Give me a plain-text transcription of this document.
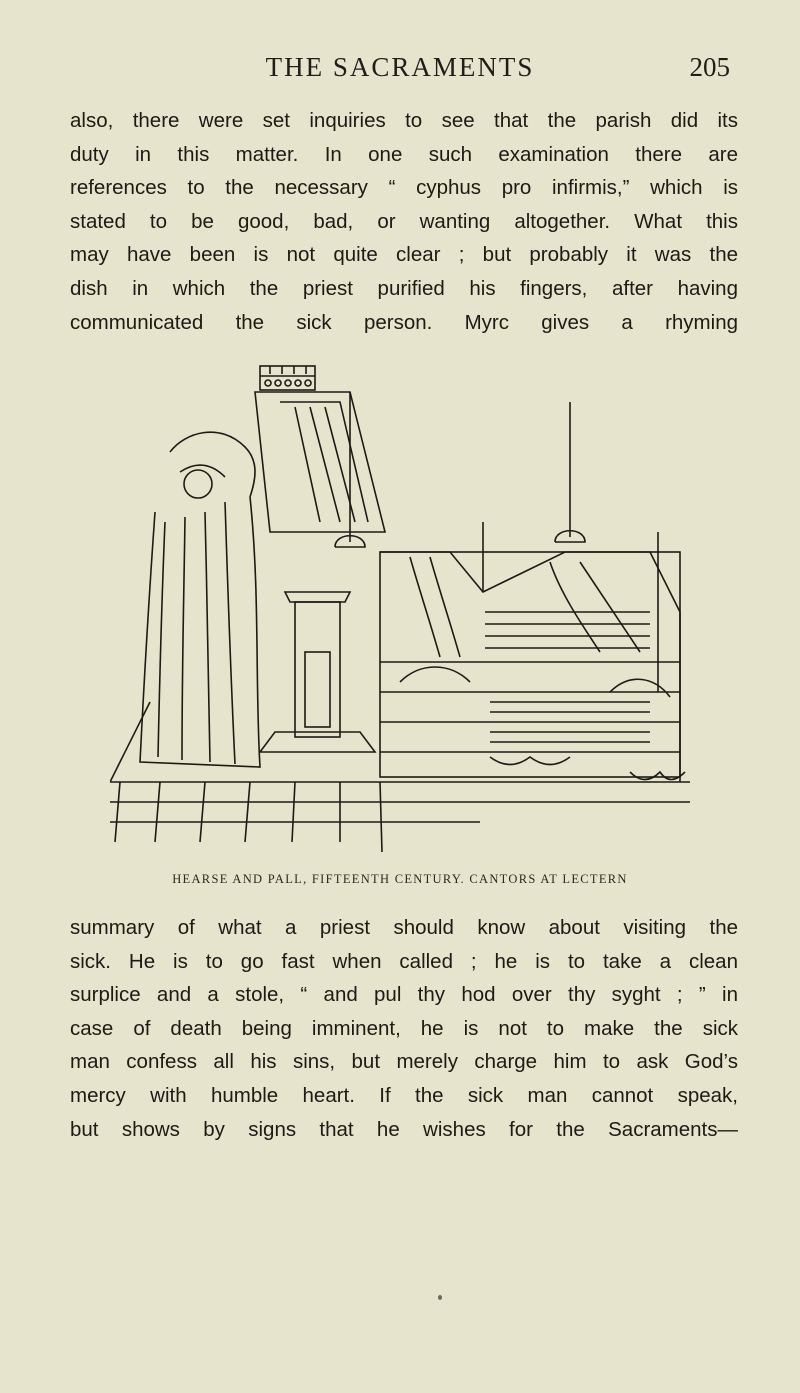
THE SACRAMENTS	205
also, there were set inquiries to see that the parish did its
duty in this matter. In one such examination there are
references to the necessary “ cyphus pro infirmis,” which is
stated to be good, bad, or wanting altogether. What this
may have been is not quite clear ; but probably it was the
dish in which the priest purified his fingers, after having
communicated the sick person. Myrc gives a rhyming
HEARSE AND PALL, FIFTEENTH CENTURY. CANTORS AT LECTERN
summary of what a priest should know about visiting the
sick. He is to go fast when called ; he is to take a clean
surplice and a stole, “ and pul thy hod over thy syght ; ” in
case of death being imminent, he is not to make the sick
man confess all his sins, but merely charge him to ask God’s
mercy with humble heart. If the sick man cannot speak,
but shows by signs that he wishes for the Sacraments—
